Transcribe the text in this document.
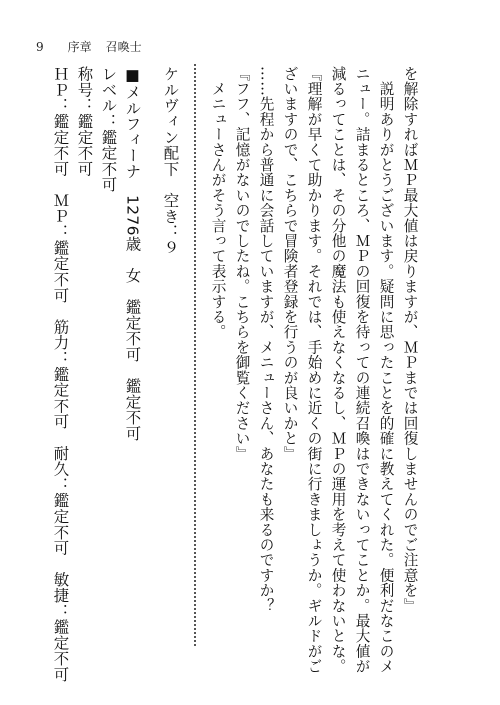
9 序章 召喚士
を解除すればＭＰ最大値は戻りますが、ＭＰまでは回復しませんのでご注意を』
　説明ありがとうございます。疑問に思ったことを的確に教えてくれた。便利だなこのメ
ニュー。詰まるところ、ＭＰの回復を待っての連続召喚はできないってことか。最大値が
減るってことは、その分他の魔法も使えなくなるし、ＭＰの運用を考えて使わないとな。
『理解が早くて助かります。それでは、手始めに近くの街に行きましょうか。ギルドがご
ざいますので、こちらで冒険者登録を行うのが良いかと』
……先程から普通に会話していますが、メニューさん、あなたも来るのですか？
『フフ、記憶がないのでしたね。こちらを御覧ください』
　メニューさんがそう言って表示する。
ケルヴィン配下　空き：９
■メルフィーナ　1276歳　女　鑑定不可　鑑定不可
レベル：鑑定不可
称号：鑑定不可
ＨＰ：鑑定不可　ＭＰ：鑑定不可　筋力：鑑定不可　耐久：鑑定不可　敏捷：鑑定不可
